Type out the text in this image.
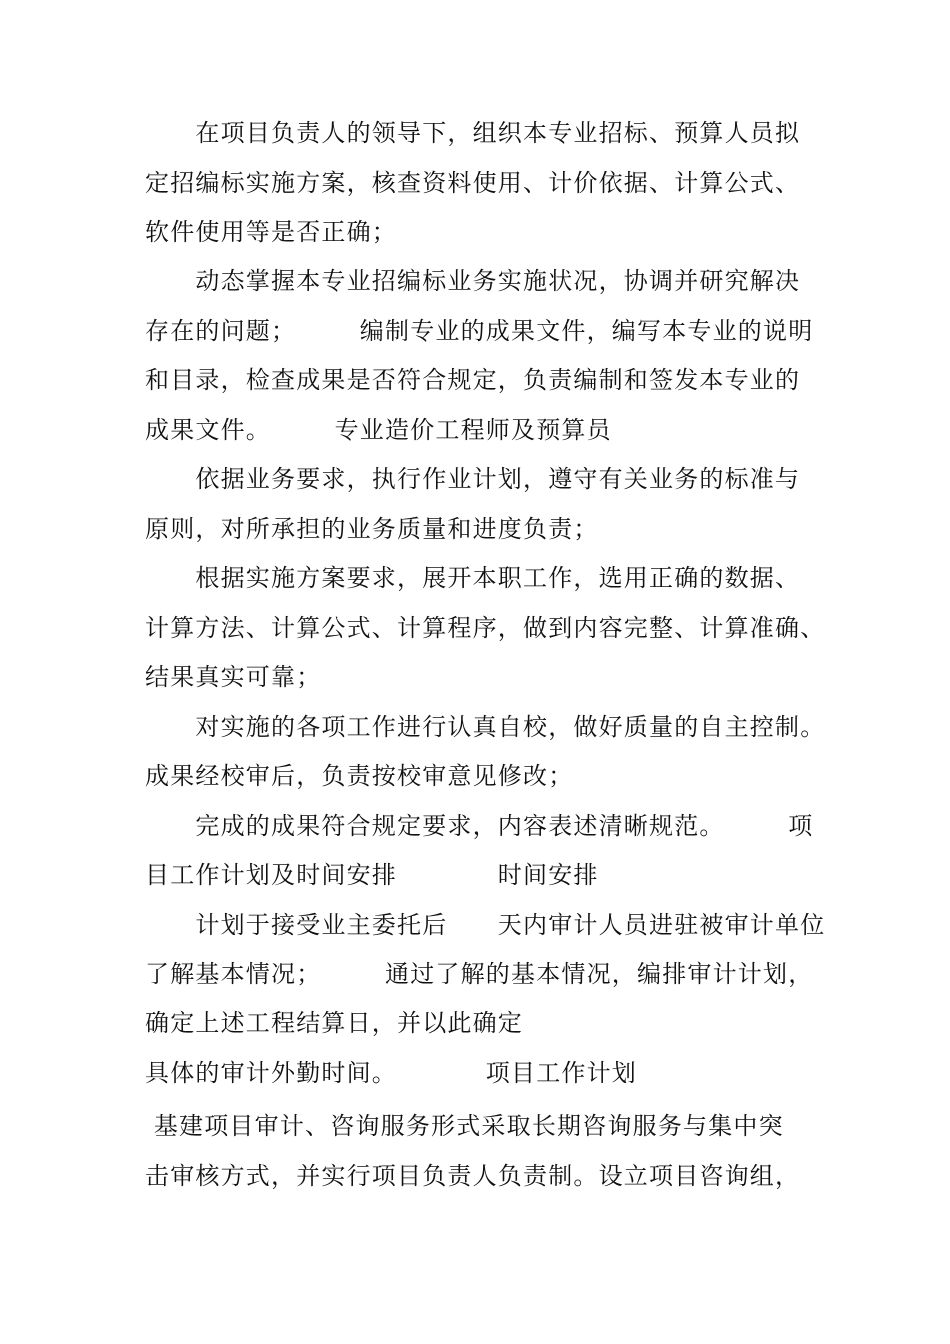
　　在项目负责人的领导下，组织本专业招标、预算人员拟
定招编标实施方案，核查资料使用、计价依据、计算公式、
软件使用等是否正确；
　　动态掌握本专业招编标业务实施状况，协调并研究解决
存在的问题；　　　编制专业的成果文件，编写本专业的说明
和目录，检查成果是否符合规定，负责编制和签发本专业的
成果文件。　　　专业造价工程师及预算员
　　依据业务要求，执行作业计划，遵守有关业务的标准与
原则，对所承担的业务质量和进度负责；
　　根据实施方案要求，展开本职工作，选用正确的数据、
计算方法、计算公式、计算程序，做到内容完整、计算准确、
结果真实可靠；
　　对实施的各项工作进行认真自校，做好质量的自主控制。
成果经校审后，负责按校审意见修改；
　　完成的成果符合规定要求，内容表述清晰规范。　　　项
目工作计划及时间安排　　　　时间安排
　　计划于接受业主委托后　　天内审计人员进驻被审计单位
了解基本情况；　　　通过了解的基本情况，编排审计计划，
确定上述工程结算日，并以此确定
具体的审计外勤时间。　　　　项目工作计划
基建项目审计、咨询服务形式采取长期咨询服务与集中突
击审核方式，并实行项目负责人负责制。设立项目咨询组，
